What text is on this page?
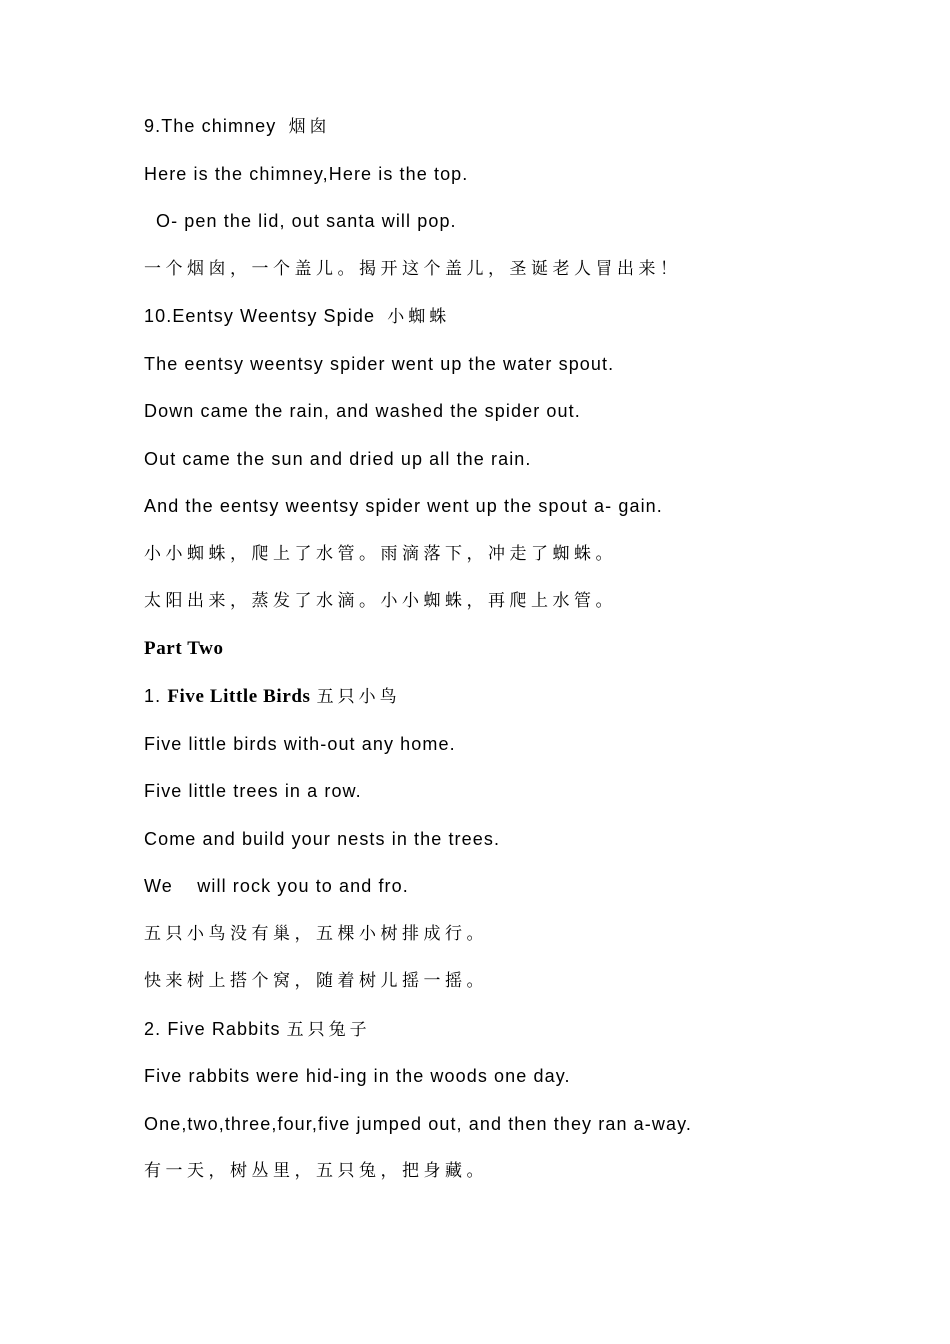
9.The chimney 烟囱
Here is the chimney,Here is the top.
O- pen the lid, out santa will pop.
一个烟囱，一个盖儿。揭开这个盖儿，圣诞老人冒出来！
10.Eentsy Weentsy Spide 小蜘蛛
The eentsy weentsy spider went up the water spout.
Down came the rain, and washed the spider out.
Out came the sun and dried up all the rain.
And the eentsy weentsy spider went up the spout a- gain.
小小蜘蛛，爬上了水管。雨滴落下，冲走了蜘蛛。
太阳出来，蒸发了水滴。小小蜘蛛，再爬上水管。
Part Two
1. Five Little Birds 五只小鸟
Five little birds with-out any home.
Five little trees in a row.
Come and build your nests in the trees.
We    will rock you to and fro.
五只小鸟没有巢，五棵小树排成行。
快来树上搭个窝，随着树儿摇一摇。
2. Five Rabbits 五只兔子
Five rabbits were hid-ing in the woods one day.
One,two,three,four,five jumped out, and then they ran a-way.
有一天，树丛里，五只兔，把身藏。
